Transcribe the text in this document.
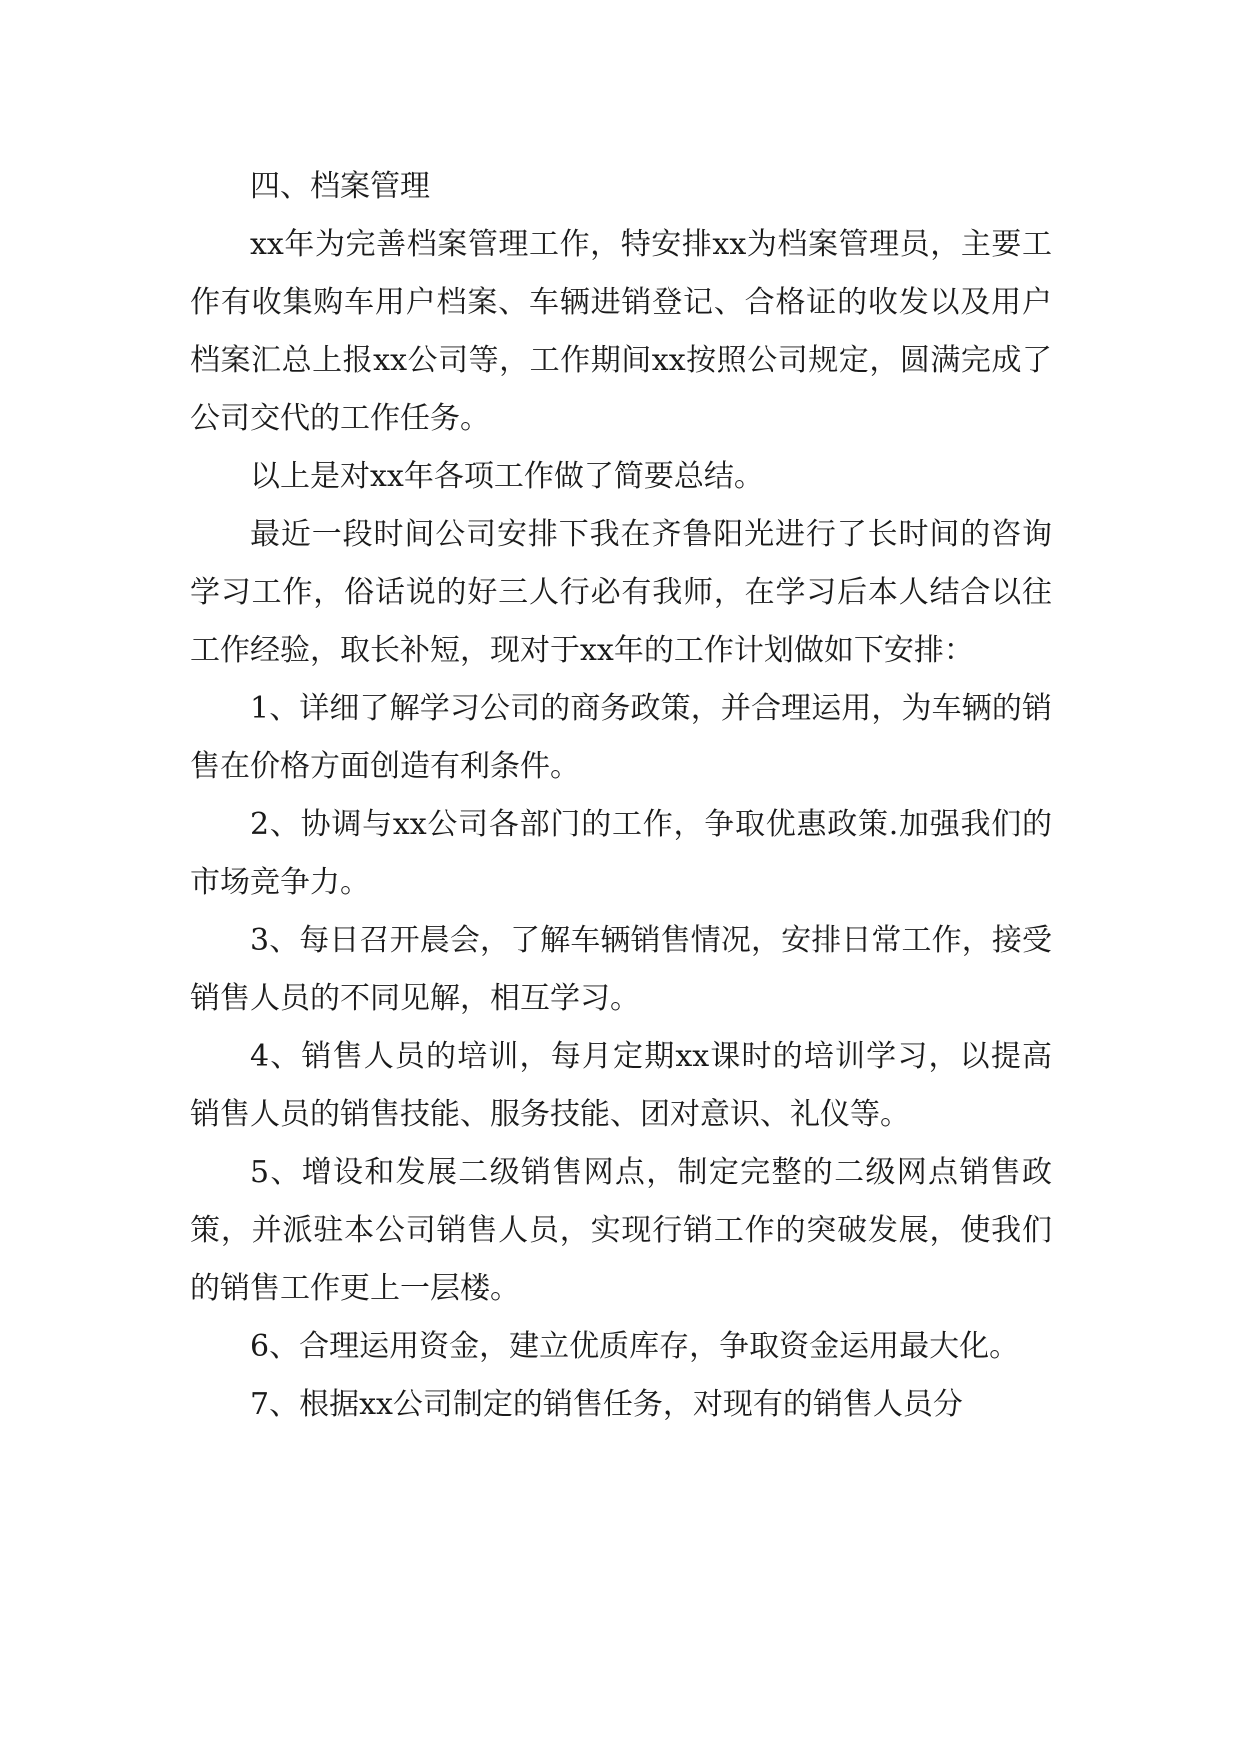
四、档案管理

xx年为完善档案管理工作，特安排xx为档案管理员，主要工作有收集购车用户档案、车辆进销登记、合格证的收发以及用户档案汇总上报xx公司等，工作期间xx按照公司规定，圆满完成了公司交代的工作任务。

以上是对xx年各项工作做了简要总结。

最近一段时间公司安排下我在齐鲁阳光进行了长时间的咨询学习工作，俗话说的好三人行必有我师，在学习后本人结合以往工作经验，取长补短，现对于xx年的工作计划做如下安排：

1、详细了解学习公司的商务政策，并合理运用，为车辆的销售在价格方面创造有利条件。

2、协调与xx公司各部门的工作，争取优惠政策.加强我们的市场竞争力。

3、每日召开晨会，了解车辆销售情况，安排日常工作，接受销售人员的不同见解，相互学习。

4、销售人员的培训，每月定期xx课时的培训学习，以提高销售人员的销售技能、服务技能、团对意识、礼仪等。

5、增设和发展二级销售网点，制定完整的二级网点销售政策，并派驻本公司销售人员，实现行销工作的突破发展，使我们的销售工作更上一层楼。

6、合理运用资金，建立优质库存，争取资金运用最大化。

7、根据xx公司制定的销售任务，对现有的销售人员分
